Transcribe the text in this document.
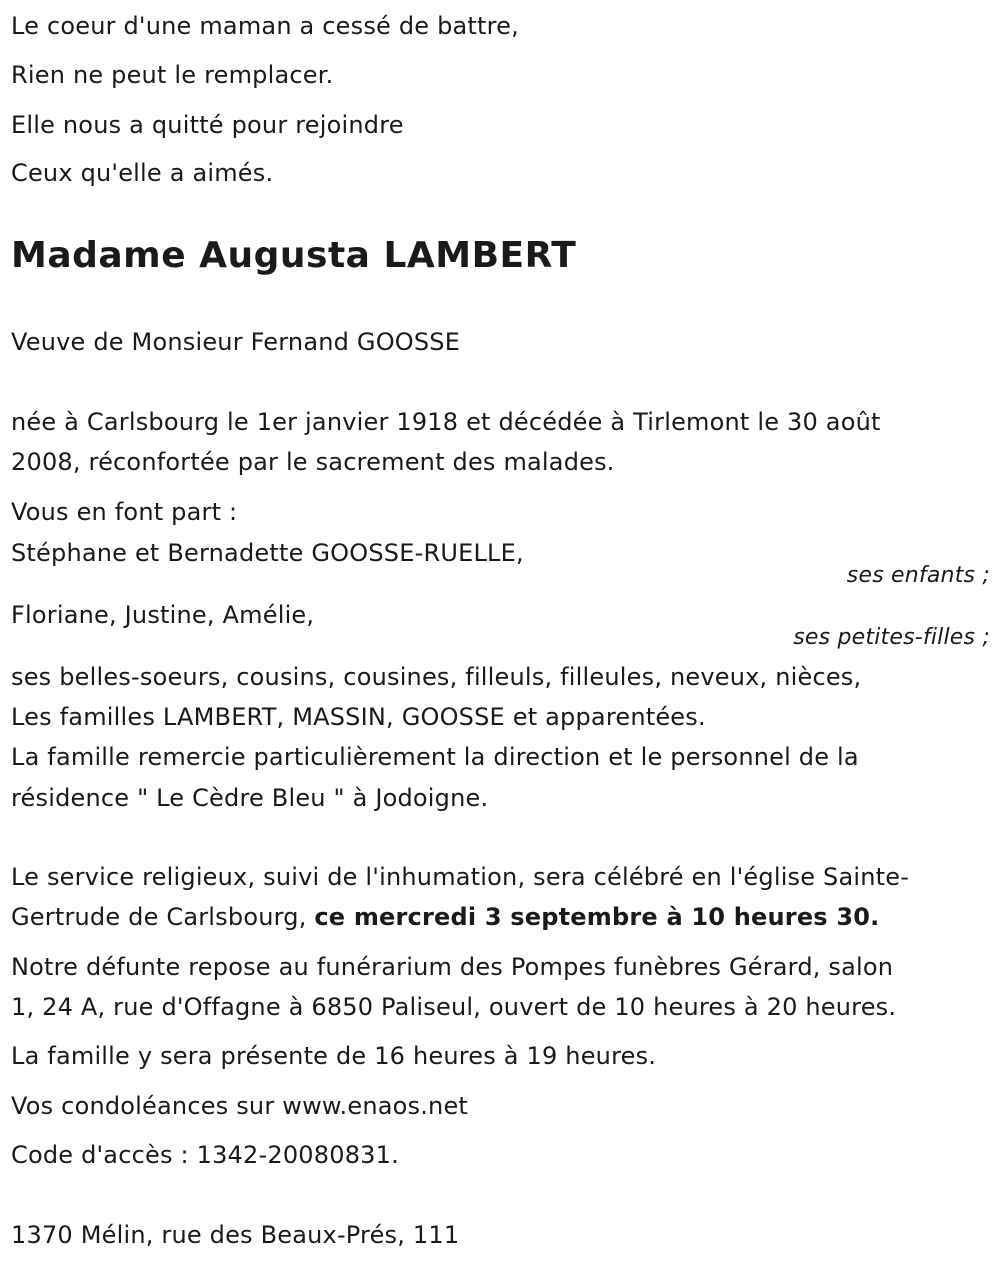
Le coeur d'une maman a cessé de battre,
Rien ne peut le remplacer.
Elle nous a quitté pour rejoindre
Ceux qu'elle a aimés.
Madame Augusta LAMBERT
Veuve de Monsieur Fernand GOOSSE
née à Carlsbourg le 1er janvier 1918 et décédée à Tirlemont le 30 août
2008, réconfortée par le sacrement des malades.
Vous en font part :
Stéphane et Bernadette GOOSSE-RUELLE,
ses enfants ;
Floriane, Justine, Amélie,
ses petites-filles ;
ses belles-soeurs, cousins, cousines, filleuls, filleules, neveux, nièces,
Les familles LAMBERT, MASSIN, GOOSSE et apparentées.
La famille remercie particulièrement la direction et le personnel de la
résidence " Le Cèdre Bleu " à Jodoigne.
Le service religieux, suivi de l'inhumation, sera célébré en l'église Sainte-
Gertrude de Carlsbourg, ce mercredi 3 septembre à 10 heures 30.
Notre défunte repose au funérarium des Pompes funèbres Gérard, salon
1, 24 A, rue d'Offagne à 6850 Paliseul, ouvert de 10 heures à 20 heures.
La famille y sera présente de 16 heures à 19 heures.
Vos condoléances sur www.enaos.net
Code d'accès : 1342-20080831.
1370 Mélin, rue des Beaux-Prés, 111
